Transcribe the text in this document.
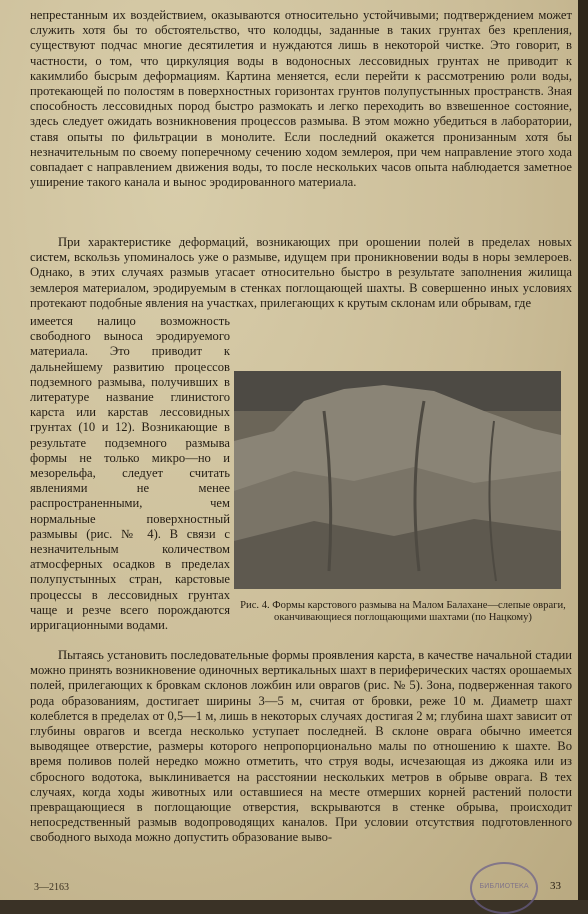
непрестанным их воздействием, оказываются относительно устойчивыми; подтверждением может служить хотя бы то обстоятельство, что колодцы, заданные в таких грунтах без крепления, существуют подчас многие десятилетия и нуждаются лишь в некоторой чистке. Это говорит, в частности, о том, что циркуляция воды в водоносных лессовидных грунтах не приводит к какимлибо бысрым деформациям. Картина меняется, если перейти к рассмотрению роли воды, протекающей по полостям в поверхностных горизонтах грунтов полупустынных пространств. Зная способность лессовидных пород быстро размокать и легко переходить во взвешенное состояние, здесь следует ожидать возникновения процессов размыва. В этом можно убедиться в лаборатории, ставя опыты по фильтрации в монолите. Если последний окажется пронизанным хотя бы незначительным по своему поперечному сечению ходом землероя, при чем направление этого хода совпадает с направлением движения воды, то после нескольких часов опыта наблюдается заметное уширение такого канала и вынос эродированного материала.

При характеристике деформаций, возникающих при орошении полей в пределах новых систем, вскользь упоминалось уже о размыве, идущем при проникновении воды в норы землероев. Однако, в этих случаях размыв угасает относительно быстро в результате заполнения жилища землероя материалом, эродируемым в стенках поглощающей шахты. В совершенно иных условиях протекают подобные явления на участках, прилегающих к крутым склонам или обрывам, где

имеется налицо возможность свободного выноса эродируемого материала. Это приводит к дальнейшему развитию процессов подземного размыва, получивших в литературе название глинистого карста или карстав лессовидных грунтах (10 и 12). Возникающие в результате подземного размыва формы не только микро—но и мезорельфа, следует считать явлениями не менее распространенными, чем нормальные поверхностный размывы (рис. № 4). В связи с незначительным количеством атмосферных осадков в пределах полупустынных стран, карстовые процессы в лессовидных грунтах чаще и резче всего порождаются ирригационными водами.

Рис. 4. Формы карстового размыва на Малом Балахане—слепые овраги, оканчивающиеся поглощающими шахтами (по Нацкому)

Пытаясь установить последовательные формы проявления карста, в качестве начальной стадии можно принять возникновение одиночных вертикальных шахт в периферических частях орошаемых полей, прилегающих к бровкам склонов ложбин или оврагов (рис. № 5). Зона, подверженная такого рода образованиям, достигает ширины 3—5 м, считая от бровки, реже 10 м. Диаметр шахт колеблется в пределах от 0,5—1 м, лишь в некоторых случаях достигая 2 м; глубина шахт зависит от глубины оврагов и всегда несколько уступает последней. В склоне оврага обычно имеется выводящее отверстие, размеры которого непропорционально малы по отношению к шахте. Во время поливов полей нередко можно отметить, что струя воды, исчезающая из джояка или из сбросного водотока, выклинивается на расстоянии нескольких метров в обрыве оврага. В тех случаях, когда ходы животных или оставшиеся на месте отмерших корней растений полости превращающиеся в поглощающие отверстия, вскрываются в стенке обрыва, происходит непосредственный размыв водопроводящих каналов. При условии отсутствия подготовленного свободного выхода можно допустить образование выво-

3—2163	БИБЛИОТЕКА	33
